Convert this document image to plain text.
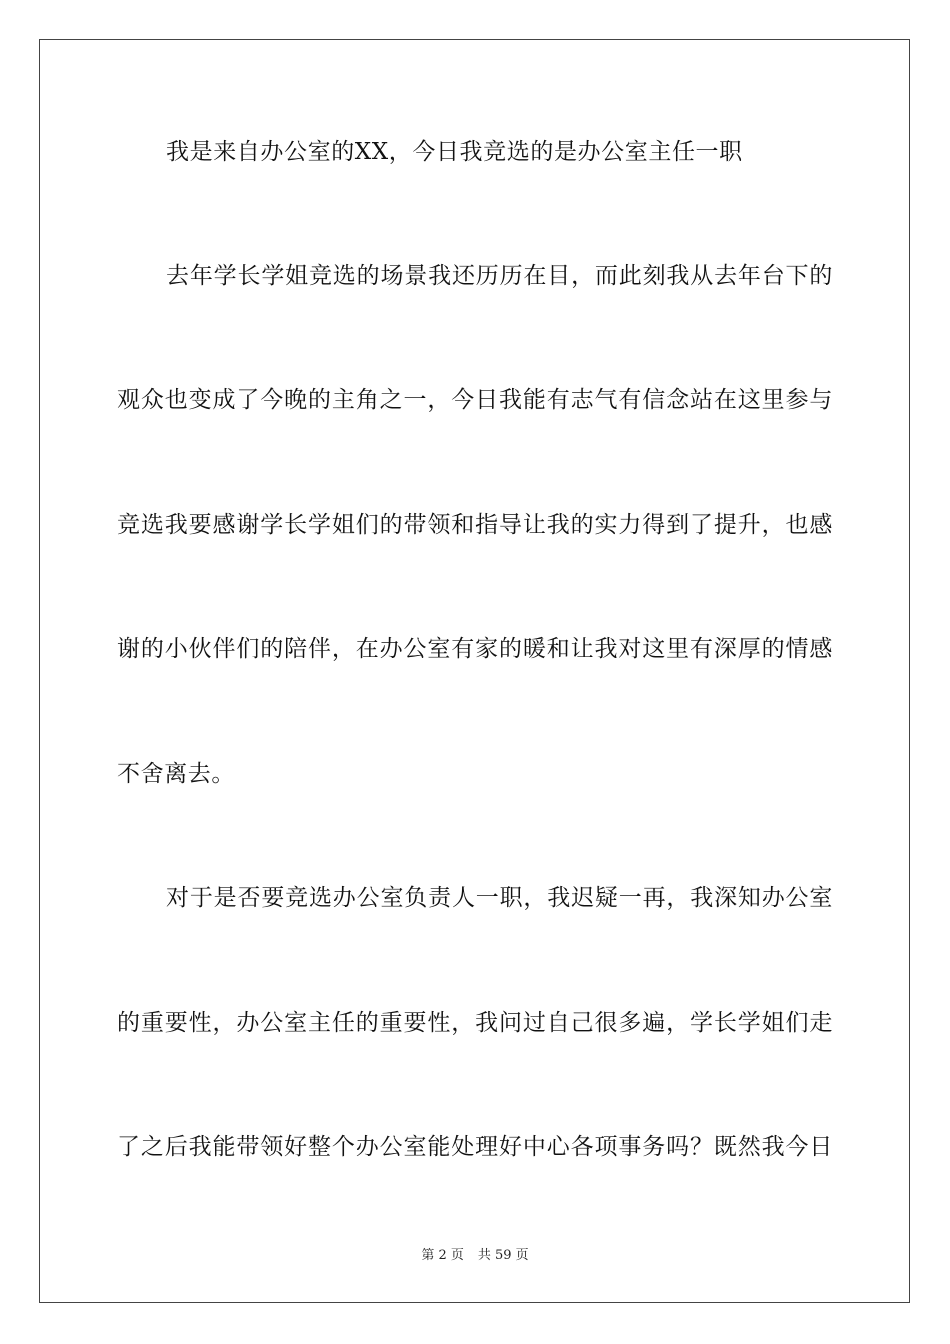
我是来自办公室的XX，今日我竞选的是办公室主任一职
去年学长学姐竞选的场景我还历历在目，而此刻我从去年台下的
观众也变成了今晚的主角之一，今日我能有志气有信念站在这里参与
竞选我要感谢学长学姐们的带领和指导让我的实力得到了提升，也感
谢的小伙伴们的陪伴，在办公室有家的暖和让我对这里有深厚的情感
不舍离去。
对于是否要竞选办公室负责人一职，我迟疑一再，我深知办公室
的重要性，办公室主任的重要性，我问过自己很多遍，学长学姐们走
了之后我能带领好整个办公室能处理好中心各项事务吗？既然我今日
第 2 页 共 59 页
